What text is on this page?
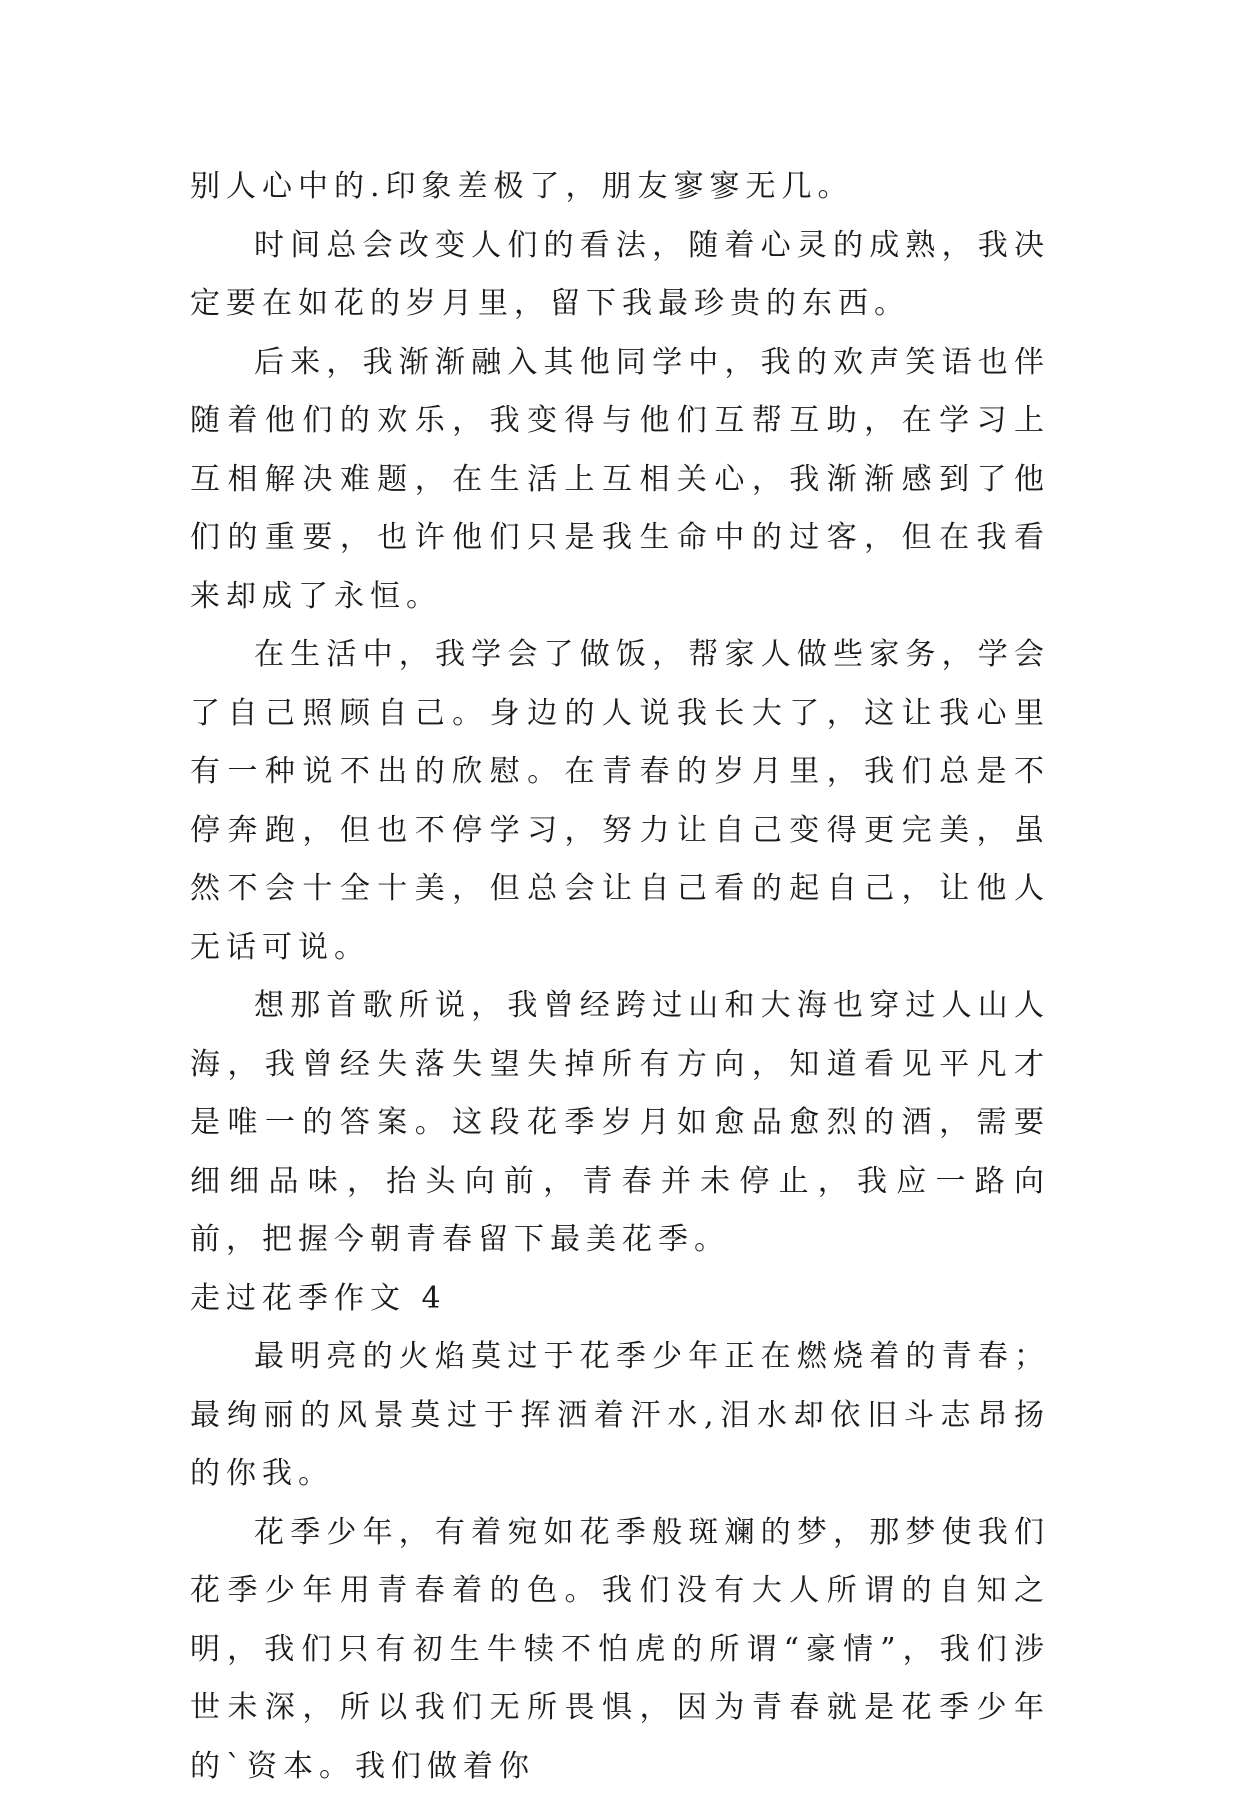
别人心中的.印象差极了，朋友寥寥无几。

时间总会改变人们的看法，随着心灵的成熟，我决定要在如花的岁月里，留下我最珍贵的东西。

后来，我渐渐融入其他同学中，我的欢声笑语也伴随着他们的欢乐，我变得与他们互帮互助，在学习上互相解决难题，在生活上互相关心，我渐渐感到了他们的重要，也许他们只是我生命中的过客，但在我看来却成了永恒。

在生活中，我学会了做饭，帮家人做些家务，学会了自己照顾自己。身边的人说我长大了，这让我心里有一种说不出的欣慰。在青春的岁月里，我们总是不停奔跑，但也不停学习，努力让自己变得更完美，虽然不会十全十美，但总会让自己看的起自己，让他人无话可说。

想那首歌所说，我曾经跨过山和大海也穿过人山人海，我曾经失落失望失掉所有方向，知道看见平凡才是唯一的答案。这段花季岁月如愈品愈烈的酒，需要细细品味，抬头向前，青春并未停止，我应一路向前，把握今朝青春留下最美花季。

走过花季作文 4

最明亮的火焰莫过于花季少年正在燃烧着的青春；最绚丽的风景莫过于挥洒着汗水,泪水却依旧斗志昂扬的你我。

花季少年，有着宛如花季般斑斓的梦，那梦使我们花季少年用青春着的色。我们没有大人所谓的自知之明，我们只有初生牛犊不怕虎的所谓“豪情”，我们涉世未深，所以我们无所畏惧，因为青春就是花季少年的`资本。我们做着你
